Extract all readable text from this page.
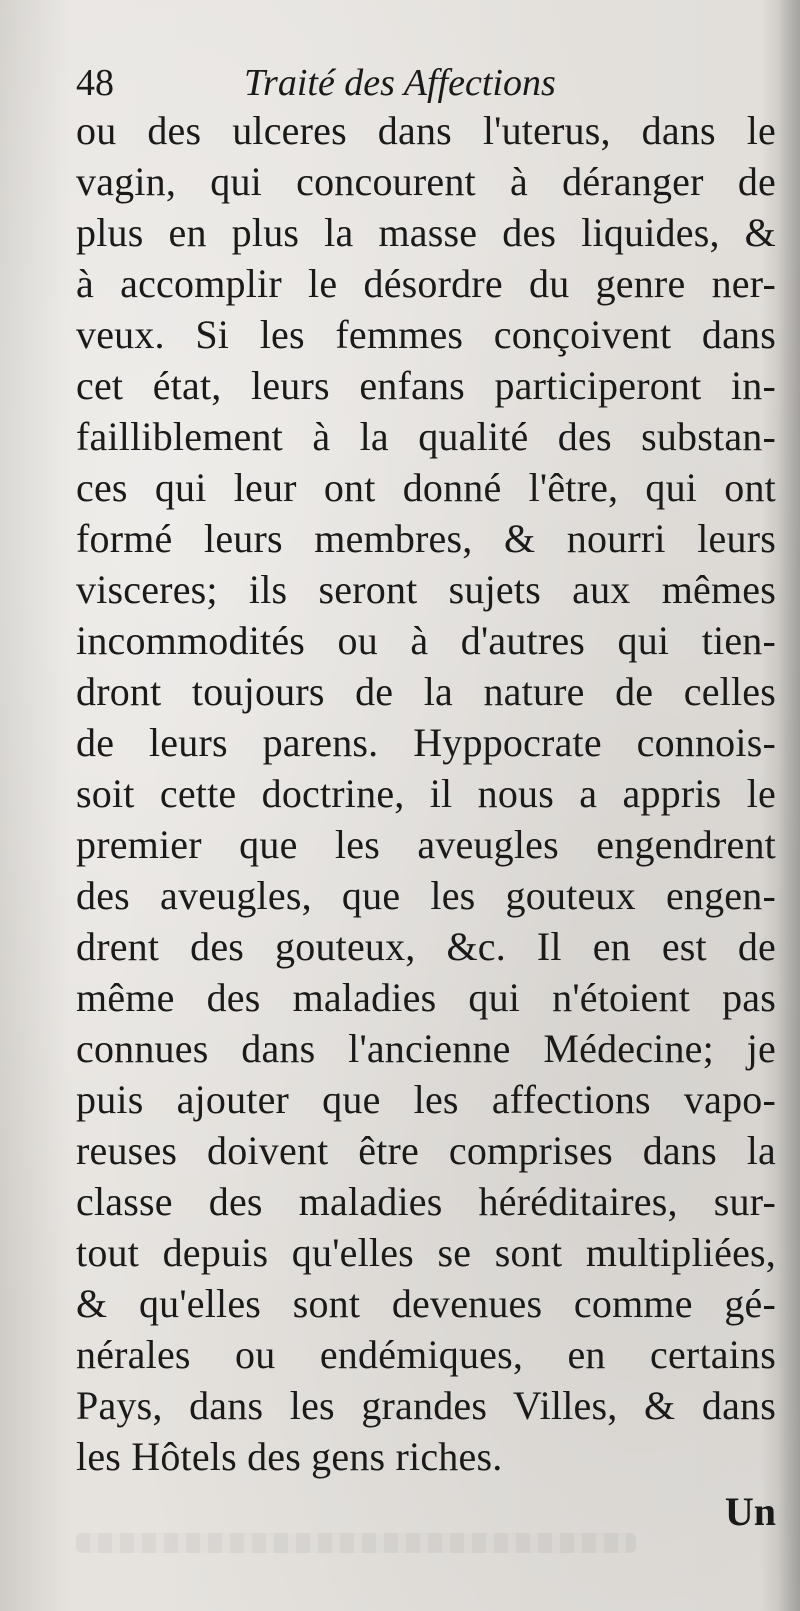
48	Traité des Affections
ou des ulceres dans l'uterus, dans le
vagin, qui concourent à déranger de
plus en plus la masse des liquides, &
à accomplir le désordre du genre ner-
veux. Si les femmes conçoivent dans
cet état, leurs enfans participeront in-
failliblement à la qualité des substan-
ces qui leur ont donné l'être, qui ont
formé leurs membres, & nourri leurs
visceres; ils seront sujets aux mêmes
incommodités ou à d'autres qui tien-
dront toujours de la nature de celles
de leurs parens. Hyppocrate connois-
soit cette doctrine, il nous a appris le
premier que les aveugles engendrent
des aveugles, que les gouteux engen-
drent des gouteux, &c. Il en est de
même des maladies qui n'étoient pas
connues dans l'ancienne Médecine; je
puis ajouter que les affections vapo-
reuses doivent être comprises dans la
classe des maladies héréditaires, sur-
tout depuis qu'elles se sont multipliées,
& qu'elles sont devenues comme gé-
nérales ou endémiques, en certains
Pays, dans les grandes Villes, & dans
les Hôtels des gens riches.
Un
